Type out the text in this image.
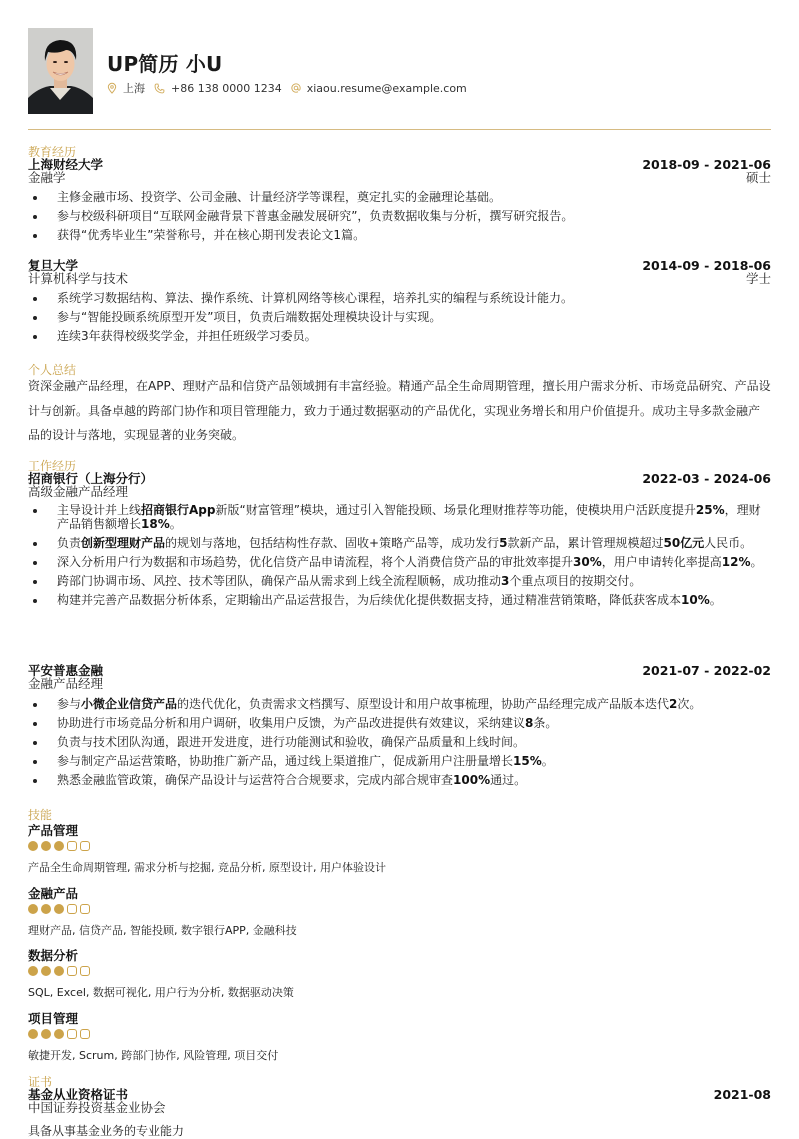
UP简历 小U
上海 +86 138 0000 1234 xiaou.resume@example.com
教育经历
上海财经大学	2018-09 - 2021-06
金融学	硕士
主修金融市场、投资学、公司金融、计量经济学等课程，奠定扎实的金融理论基础。
参与校级科研项目“互联网金融背景下普惠金融发展研究”，负责数据收集与分析，撰写研究报告。
获得“优秀毕业生”荣誉称号，并在核心期刊发表论文1篇。
复旦大学	2014-09 - 2018-06
计算机科学与技术	学士
系统学习数据结构、算法、操作系统、计算机网络等核心课程，培养扎实的编程与系统设计能力。
参与“智能投顾系统原型开发”项目，负责后端数据处理模块设计与实现。
连续3年获得校级奖学金，并担任班级学习委员。
个人总结
资深金融产品经理，在APP、理财产品和信贷产品领域拥有丰富经验。精通产品全生命周期管理，擅长用户需求分析、市场竞品研究、产品设计与创新。具备卓越的跨部门协作和项目管理能力，致力于通过数据驱动的产品优化，实现业务增长和用户价值提升。成功主导多款金融产品的设计与落地，实现显著的业务突破。
工作经历
招商银行（上海分行）	2022-03 - 2024-06
高级金融产品经理
主导设计并上线招商银行App新版“财富管理”模块，通过引入智能投顾、场景化理财推荐等功能，使模块用户活跃度提升25%，理财产品销售额增长18%。
负责创新型理财产品的规划与落地，包括结构性存款、固收+策略产品等，成功发行5款新产品，累计管理规模超过50亿元人民币。
深入分析用户行为数据和市场趋势，优化信贷产品申请流程，将个人消费信贷产品的审批效率提升30%，用户申请转化率提高12%。
跨部门协调市场、风控、技术等团队，确保产品从需求到上线全流程顺畅，成功推动3个重点项目的按期交付。
构建并完善产品数据分析体系，定期输出产品运营报告，为后续优化提供数据支持，通过精准营销策略，降低获客成本10%。
平安普惠金融	2021-07 - 2022-02
金融产品经理
参与小微企业信贷产品的迭代优化，负责需求文档撰写、原型设计和用户故事梳理，协助产品经理完成产品版本迭代2次。
协助进行市场竞品分析和用户调研，收集用户反馈，为产品改进提供有效建议，采纳建议8条。
负责与技术团队沟通，跟进开发进度，进行功能测试和验收，确保产品质量和上线时间。
参与制定产品运营策略，协助推广新产品，通过线上渠道推广，促成新用户注册量增长15%。
熟悉金融监管政策，确保产品设计与运营符合合规要求，完成内部合规审查100%通过。
技能
产品管理
产品全生命周期管理, 需求分析与挖掘, 竞品分析, 原型设计, 用户体验设计
金融产品
理财产品, 信贷产品, 智能投顾, 数字银行APP, 金融科技
数据分析
SQL, Excel, 数据可视化, 用户行为分析, 数据驱动决策
项目管理
敏捷开发, Scrum, 跨部门协作, 风险管理, 项目交付
证书
基金从业资格证书	2021-08
中国证券投资基金业协会
具备从事基金业务的专业能力
